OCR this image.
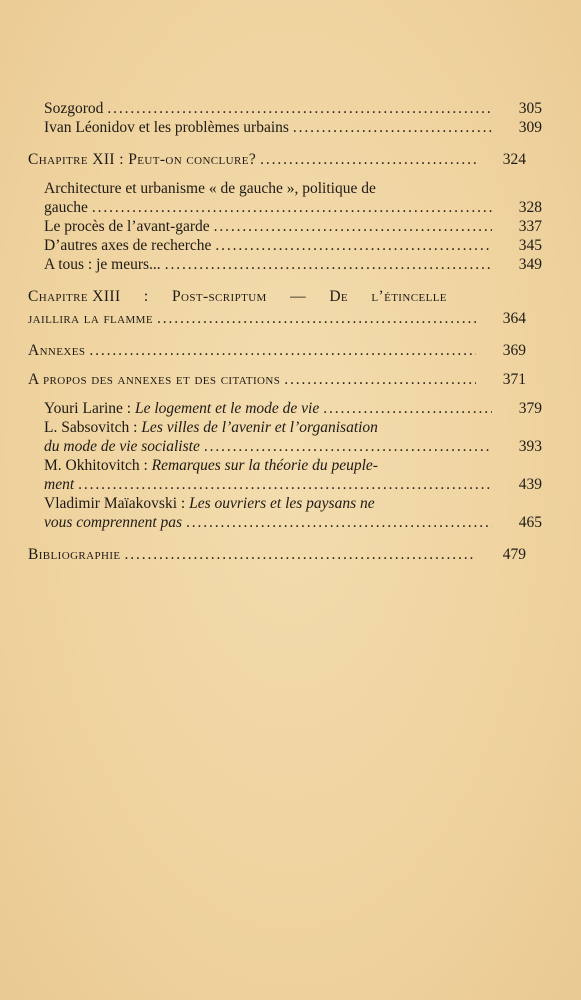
Sozgorod . . .	305
Ivan Léonidov et les problèmes urbains . . .	309
Chapitre XII : Peut-on conclure? . . .	324
Architecture et urbanisme « de gauche », politique de
gauche . . .	328
Le procès de l’avant-garde . . .	337
D’autres axes de recherche . . .	345
A tous : je meurs... . . .	349
Chapitre XIII : Post-scriptum — De l’étincelle
jaillira la flamme . . .	364
Annexes . . .	369
A propos des annexes et des citations . . .	371
Youri Larine : Le logement et le mode de vie . . .	379
L. Sabsovitch : Les villes de l’avenir et l’organisation
du mode de vie socialiste . . .	393
M. Okhitovitch : Remarques sur la théorie du peuple-
ment . . .	439
Vladimir Maïakovski : Les ouvriers et les paysans ne
vous comprennent pas . . .	465
Bibliographie . . .	479
